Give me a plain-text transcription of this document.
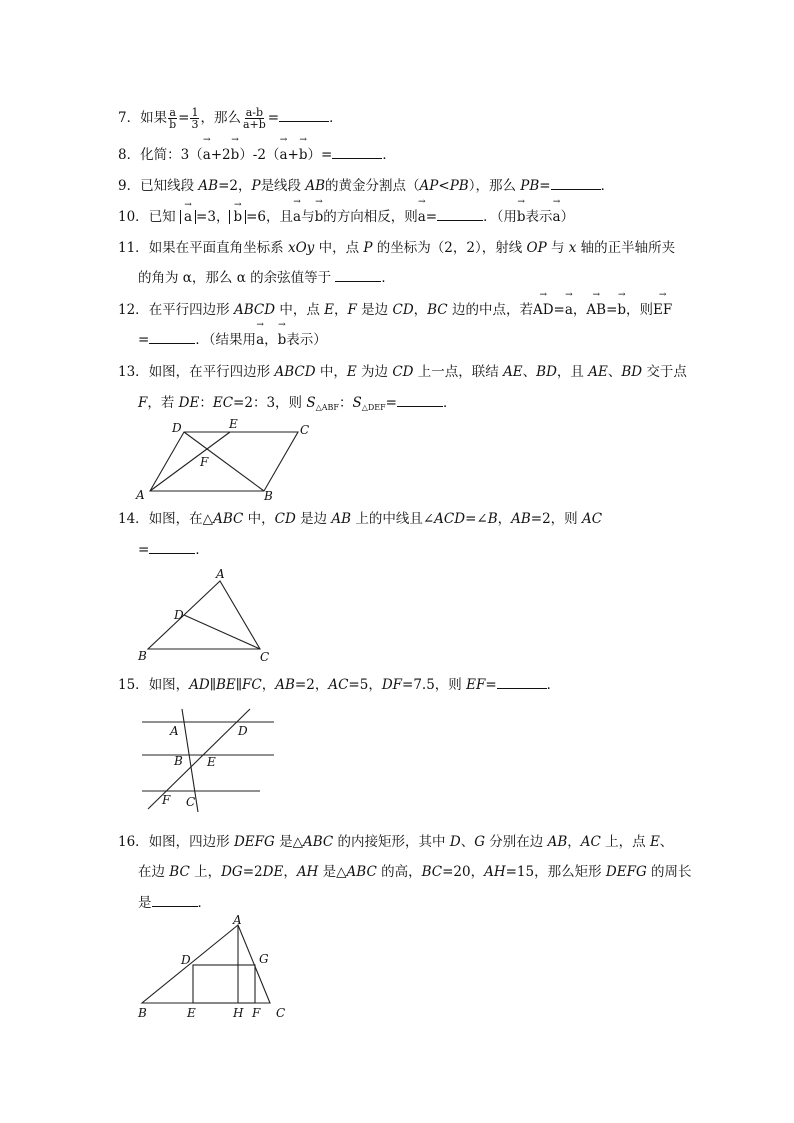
7．如果 $\frac{a}{b} = \frac{1}{3}$ ，那么 $\frac{a-b}{a+b}$ =	．
8．化简：3（→ a+2→ b）-2（→ a+→ b）=	．
9．已知线段 AB=2，P是线段 AB的黄金分割点（AP<PB），那么 PB=	．
10．已知 → a =3，→ b =6，且→ a与→ b的方向相反，则→ a=	．（用→ b表示→ a）
11．如果在平面直角坐标系 xOy 中，点 P 的坐标为（2，2），射线 OP 与 x 轴的正半轴所夹
的角为 α，那么 α 的余弦值等于	．
12．在平行四边形 ABCD 中，点 E，F 是边 CD，BC 边的中点，若→ AD=→ a，→ AB=→ b，则→ EF
=	．（结果用→ a，→ b表示）
13．如图，在平行四边形 ABCD 中，E 为边 CD 上一点，联结 AE、BD，且 AE、BD 交于点
F，若 DE：EC=2：3，则 $S_{\triangle ABF}$：$S_{\triangle DEF}=$	．
D	E	C
F
A	B
14．如图，在△ABC 中，CD 是边 AB 上的中线且∠ACD=∠B，AB=2，则 AC
=	．
A
D
B	C
15．如图，AD∥BE∥FC，AB=2，AC=5，DF=7.5，则 EF=	．
A	D
B E
F C
16．如图，四边形 DEFG 是△ABC 的内接矩形，其中 D、G 分别在边 AB，AC 上，点 E、
在边 BC 上，DG=2DE，AH 是△ABC 的高，BC=20，AH=15，那么矩形 DEFG 的周长
是	．
A
D	G
B	E	H F C
